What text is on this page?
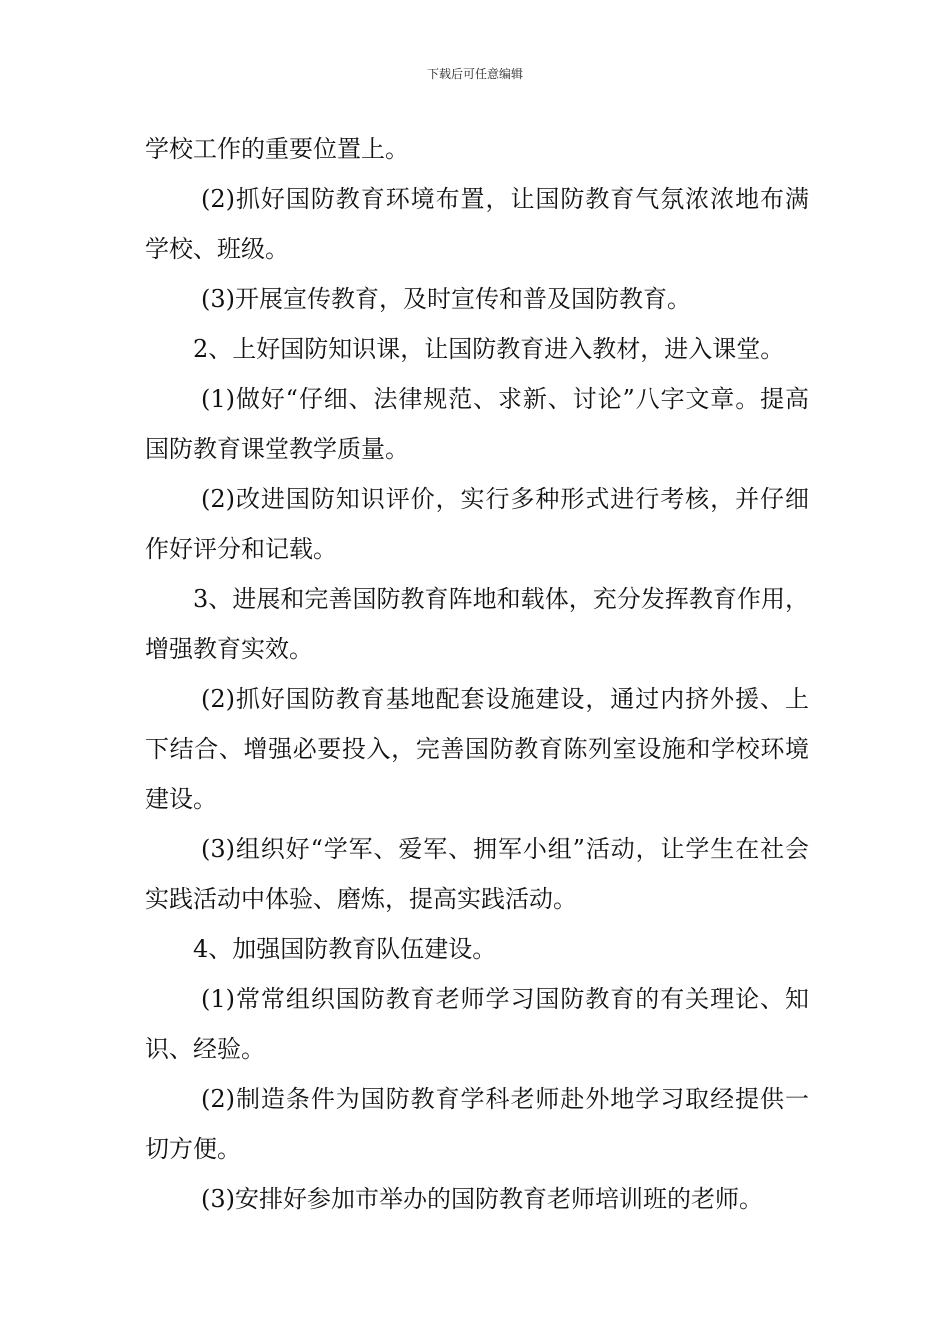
下载后可任意编辑

学校工作的重要位置上。

(2)抓好国防教育环境布置，让国防教育气氛浓浓地布满学校、班级。

(3)开展宣传教育，及时宣传和普及国防教育。

2、上好国防知识课，让国防教育进入教材，进入课堂。

(1)做好“仔细、法律规范、求新、讨论”八字文章。提高国防教育课堂教学质量。

(2)改进国防知识评价，实行多种形式进行考核，并仔细作好评分和记载。

3、进展和完善国防教育阵地和载体，充分发挥教育作用，增强教育实效。

(2)抓好国防教育基地配套设施建设，通过内挤外援、上下结合、增强必要投入，完善国防教育陈列室设施和学校环境建设。

(3)组织好“学军、爱军、拥军小组”活动，让学生在社会实践活动中体验、磨炼，提高实践活动。

4、加强国防教育队伍建设。

(1)常常组织国防教育老师学习国防教育的有关理论、知识、经验。

(2)制造条件为国防教育学科老师赴外地学习取经提供一切方便。

(3)安排好参加市举办的国防教育老师培训班的老师。
